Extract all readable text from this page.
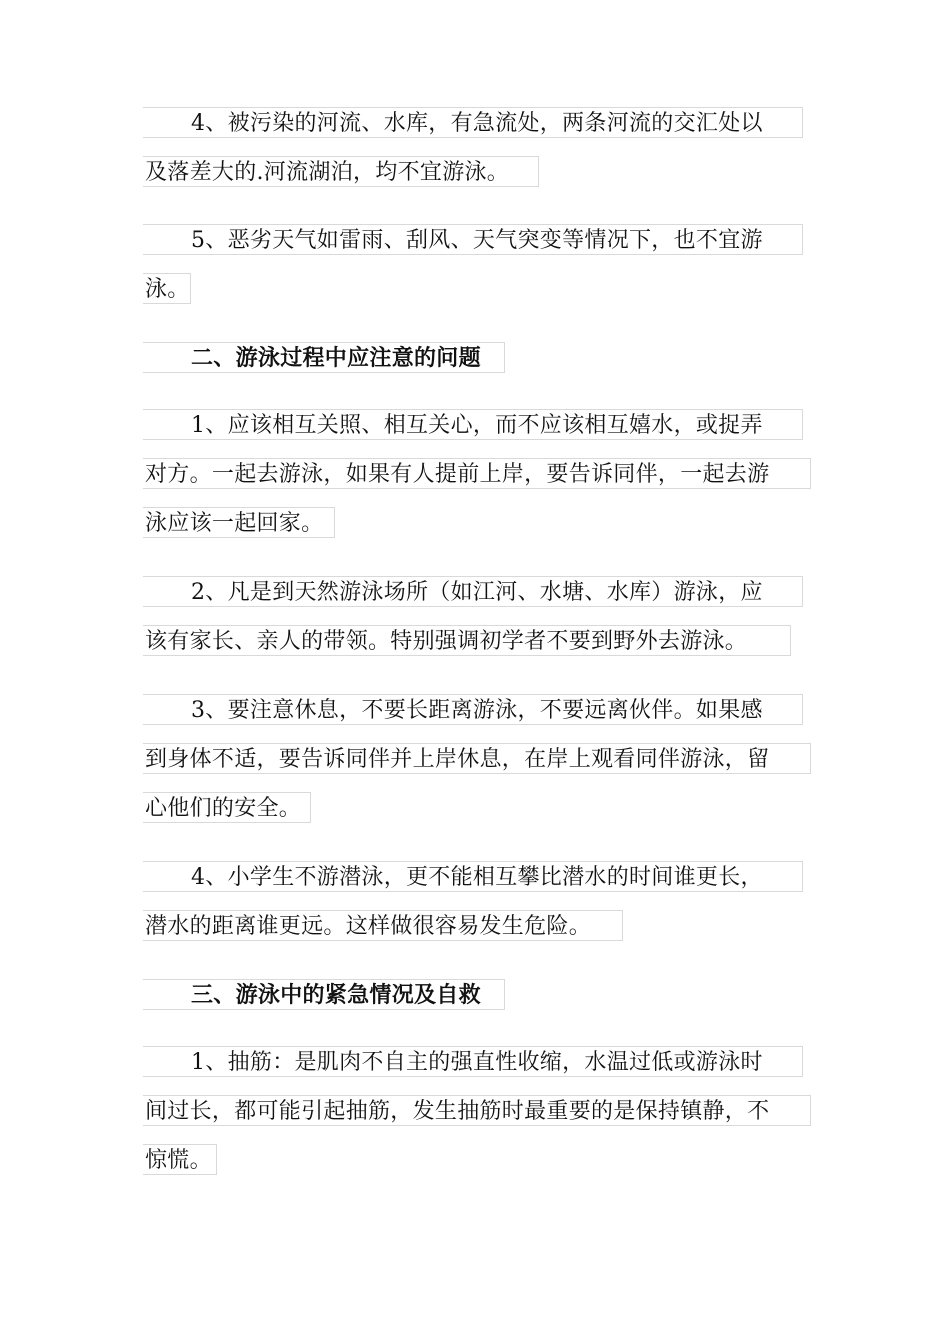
4、被污染的河流、水库，有急流处，两条河流的交汇处以
及落差大的.河流湖泊，均不宜游泳。
5、恶劣天气如雷雨、刮风、天气突变等情况下，也不宜游
泳。
二、游泳过程中应注意的问题
1、应该相互关照、相互关心，而不应该相互嬉水，或捉弄
对方。一起去游泳，如果有人提前上岸，要告诉同伴，一起去游
泳应该一起回家。
2、凡是到天然游泳场所（如江河、水塘、水库）游泳，应
该有家长、亲人的带领。特别强调初学者不要到野外去游泳。
3、要注意休息，不要长距离游泳，不要远离伙伴。如果感
到身体不适，要告诉同伴并上岸休息，在岸上观看同伴游泳，留
心他们的安全。
4、小学生不游潜泳，更不能相互攀比潜水的时间谁更长，
潜水的距离谁更远。这样做很容易发生危险。
三、游泳中的紧急情况及自救
1、抽筋：是肌肉不自主的强直性收缩，水温过低或游泳时
间过长，都可能引起抽筋，发生抽筋时最重要的是保持镇静，不
惊慌。
